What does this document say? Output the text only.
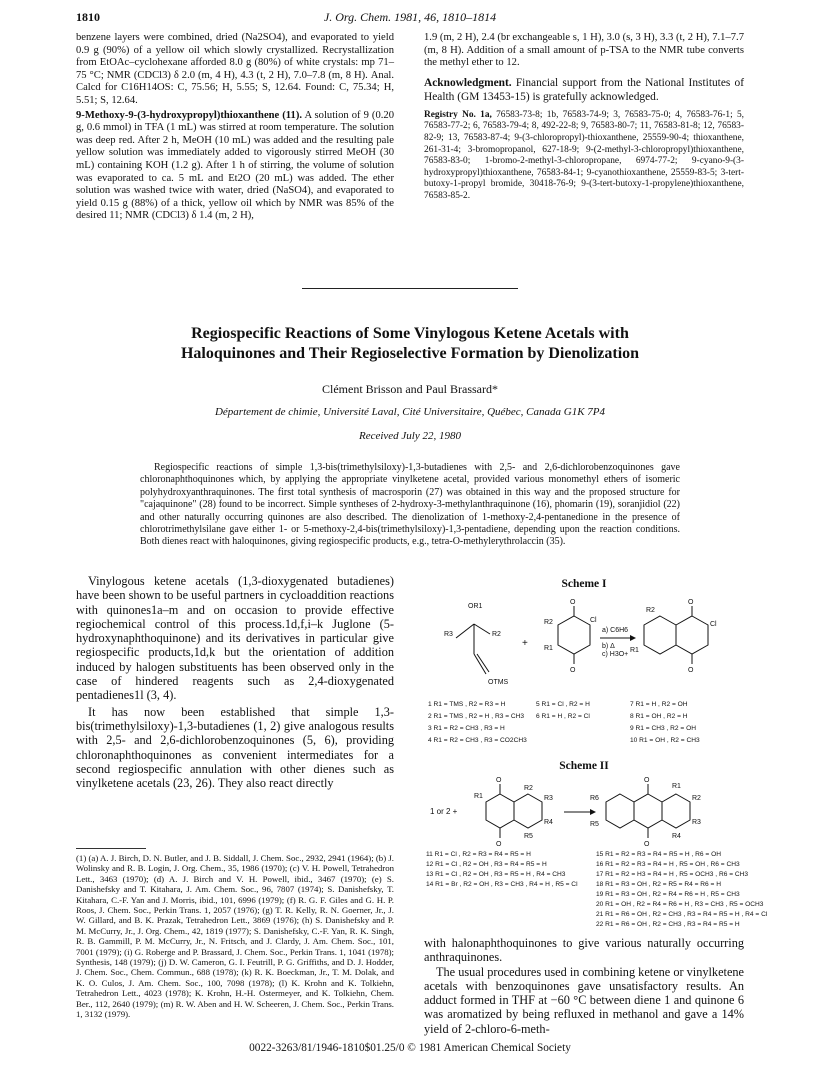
1810	J. Org. Chem. 1981, 46, 1810–1814

benzene layers were combined, dried (Na2SO4), and evaporated to yield 0.9 g (90%) of a yellow oil which slowly crystallized. Recrystallization from EtOAc–cyclohexane afforded 8.0 g (80%) of white crystals: mp 71–75 °C; NMR (CDCl3) δ 2.0 (m, 4 H), 4.3 (t, 2 H), 7.0–7.8 (m, 8 H). Anal. Calcd for C16H14OS: C, 75.56; H, 5.55; S, 12.64. Found: C, 75.34; H, 5.51; S, 12.64.

9-Methoxy-9-(3-hydroxypropyl)thioxanthene (11). A solution of 9 (0.20 g, 0.6 mmol) in TFA (1 mL) was stirred at room temperature. The solution was deep red. After 2 h, MeOH (10 mL) was added and the resulting pale yellow solution was immediately added to vigorously stirred MeOH (30 mL) containing KOH (1.2 g). After 1 h of stirring, the volume of solution was evaporated to ca. 5 mL and Et2O (20 mL) was added. The ether solution was washed twice with water, dried (NaSO4), and evaporated to yield 0.15 g (88%) of a thick, yellow oil which by NMR was 85% of the desired 11; NMR (CDCl3) δ 1.4 (m, 2 H),

1.9 (m, 2 H), 2.4 (br exchangeable s, 1 H), 3.0 (s, 3 H), 3.3 (t, 2 H), 7.1–7.7 (m, 8 H). Addition of a small amount of p-TSA to the NMR tube converts the methyl ether to 12.

Acknowledgment. Financial support from the National Institutes of Health (GM 13453-15) is gratefully acknowledged.

Registry No. 1a, 76583-73-8; 1b, 76583-74-9; 3, 76583-75-0; 4, 76583-76-1; 5, 76583-77-2; 6, 76583-79-4; 8, 492-22-8; 9, 76583-80-7; 11, 76583-81-8; 12, 76583-82-9; 13, 76583-87-4; 9-(3-chloropropyl)-thioxanthene, 25559-90-4; thioxanthene, 261-31-4; 3-bromopropanol, 627-18-9; 9-(2-methyl-3-chloropropyl)thioxanthene, 76583-83-0; 1-bromo-2-methyl-3-chloropropane, 6974-77-2; 9-cyano-9-(3-hydroxypropyl)thioxanthene, 76583-84-1; 9-cyanothioxanthene, 25559-83-5; 3-tert-butoxy-1-propyl bromide, 30418-76-9; 9-(3-tert-butoxy-1-propylene)thioxanthene, 76583-85-2.

Regiospecific Reactions of Some Vinylogous Ketene Acetals with
Haloquinones and Their Regioselective Formation by Dienolization
Clément Brisson and Paul Brassard*
Département de chimie, Université Laval, Cité Universitaire, Québec, Canada G1K 7P4
Received July 22, 1980
Regiospecific reactions of simple 1,3-bis(trimethylsiloxy)-1,3-butadienes with 2,5- and 2,6-dichlorobenzoquinones gave chloronaphthoquinones which, by applying the appropriate vinylketene acetal, provided various monomethyl ethers of isomeric polyhydroxyanthraquinones. The first total synthesis of macrosporin (27) was obtained in this way and the proposed structure for "cajaquinone" (28) found to be incorrect. Simple syntheses of 2-hydroxy-3-methylanthraquinone (16), phomarin (19), soranjidiol (22) and other naturally occurring quinones are also described. The dienolization of 1-methoxy-2,4-pentanedione in the presence of chlorotrimethylsilane gave either 1- or 5-methoxy-2,4-bis(trimethylsiloxy)-1,3-pentadiene, depending upon the reaction conditions. Both dienes react with haloquinones, giving regiospecific products, e.g., tetra-O-methylerythrolaccin (35).

Vinylogous ketene acetals (1,3-dioxygenated butadienes) have been shown to be useful partners in cycloaddition reactions with quinones1a–m and on occasion to provide effective regiochemical control of this process.1d,f,i–k Juglone (5-hydroxynaphthoquinone) and its derivatives in particular give regiospecific products,1d,k but the orientation of addition induced by halogen substituents has been observed only in the case of hindered reagents such as 2,4-dioxygenated pentadienes1l (3, 4).

It has now been established that simple 1,3-bis(trimethylsiloxy)-1,3-butadienes (1, 2) give analogous results with 2,5- and 2,6-dichlorobenzoquinones (5, 6), providing chloronaphthoquinones as convenient intermediates for a second regiospecific annulation with other dienes such as vinylketene acetals (23, 26). They also react directly

(1) (a) A. J. Birch, D. N. Butler, and J. B. Siddall, J. Chem. Soc., 2932, 2941 (1964); (b) J. Wolinsky and R. B. Login, J. Org. Chem., 35, 1986 (1970); (c) V. H. Powell, Tetrahedron Lett., 3463 (1970); (d) A. J. Birch and V. H. Powell, ibid., 3467 (1970); (e) S. Danishefsky and T. Kitahara, J. Am. Chem. Soc., 96, 7807 (1974); S. Danishefsky, T. Kitahara, C.-F. Yan and J. Morris, ibid., 101, 6996 (1979); (f) R. G. F. Giles and G. H. P. Roos, J. Chem. Soc., Perkin Trans. 1, 2057 (1976); (g) T. R. Kelly, R. N. Goerner, Jr., J. W. Gillard, and B. K. Prazak, Tetrahedron Lett., 3869 (1976); (h) S. Danishefsky and P. M. McCurry, Jr., J. Org. Chem., 42, 1819 (1977); S. Danishefsky, C.-F. Yan, R. K. Singh, R. B. Gammill, P. M. McCurry, Jr., N. Fritsch, and J. Clardy, J. Am. Chem. Soc., 101, 7001 (1979); (i) G. Roberge and P. Brassard, J. Chem. Soc., Perkin Trans. 1, 1041 (1978); Synthesis, 148 (1979); (j) D. W. Cameron, G. I. Feutrill, P. G. Griffiths, and D. J. Hodder, J. Chem. Soc., Chem. Commun., 688 (1978); (k) R. K. Boeckman, Jr., T. M. Dolak, and K. O. Culos, J. Am. Chem. Soc., 100, 7098 (1978); (l) K. Krohn and K. Tolkiehn, Tetrahedron Lett., 4023 (1978); K. Krohn, H.-H. Ostermeyer, and K. Tolkiehn, Chem. Ber., 112, 2640 (1979); (m) R. W. Aben and H. W. Scheeren, J. Chem. Soc., Perkin Trans. 1, 3132 (1979).
Scheme I
OR1
R3	R2
OTMS
+
O
O
R2	Cl
R1
a) C6H6
b) Δ
c) H3O+
O
O
R2
Cl
R1
1 R1 = TMS , R2 = R3 = H
2 R1 = TMS , R2 = H , R3 = CH3
3 R1 = R2 = CH3 , R3 = H
4 R1 = R2 = CH3 , R3 = CO2CH3
5 R1 = Cl , R2 = H
6 R1 = H , R2 = Cl
7 R1 = H , R2 = OH
8 R1 = OH , R2 = H
9 R1 = CH3 , R2 = OH
10 R1 = OH , R2 = CH3
Scheme II
1 or 2 +
O
O
R2
R3
R4
R5
R1
O
O
R1
R2
R3
R4
R6
R5
11 R1 = Cl , R2 = R3 = R4 = R5 = H
12 R1 = Cl , R2 = OH , R3 = R4 = R5 = H
13 R1 = Cl , R2 = OH , R3 = R5 = H , R4 = CH3
14 R1 = Br , R2 = OH , R3 = CH3 , R4 = H , R5 = Cl
15 R1 = R2 = R3 = R4 = R5 = H , R6 = OH
16 R1 = R2 = R3 = R4 = H , R5 = OH , R6 = CH3
17 R1 = R2 = H3 = R4 = H , R5 = OCH3 , R6 = CH3
18 R1 = R3 = OH , R2 = R5 = R4 = R6 = H
19 R1 = R3 = OH , R2 = R4 = R6 = H , R5 = CH3
20 R1 = OH , R2 = R4 = R6 = H , R3 = CH3 , R5 = OCH3
21 R1 = R6 = OH , R2 = CH3 , R3 = R4 = R5 = H , R4 = Cl
22 R1 = R6 = OH , R2 = CH3 , R3 = R4 = R5 = H

with halonaphthoquinones to give various naturally occurring anthraquinones.

The usual procedures used in combining ketene or vinylketene acetals with benzoquinones gave unsatisfactory results. An adduct formed in THF at −60 °C between diene 1 and quinone 6 was aromatized by being refluxed in methanol and gave a 14% yield of 2-chloro-6-meth-

0022-3263/81/1946-1810$01.25/0 © 1981 American Chemical Society
